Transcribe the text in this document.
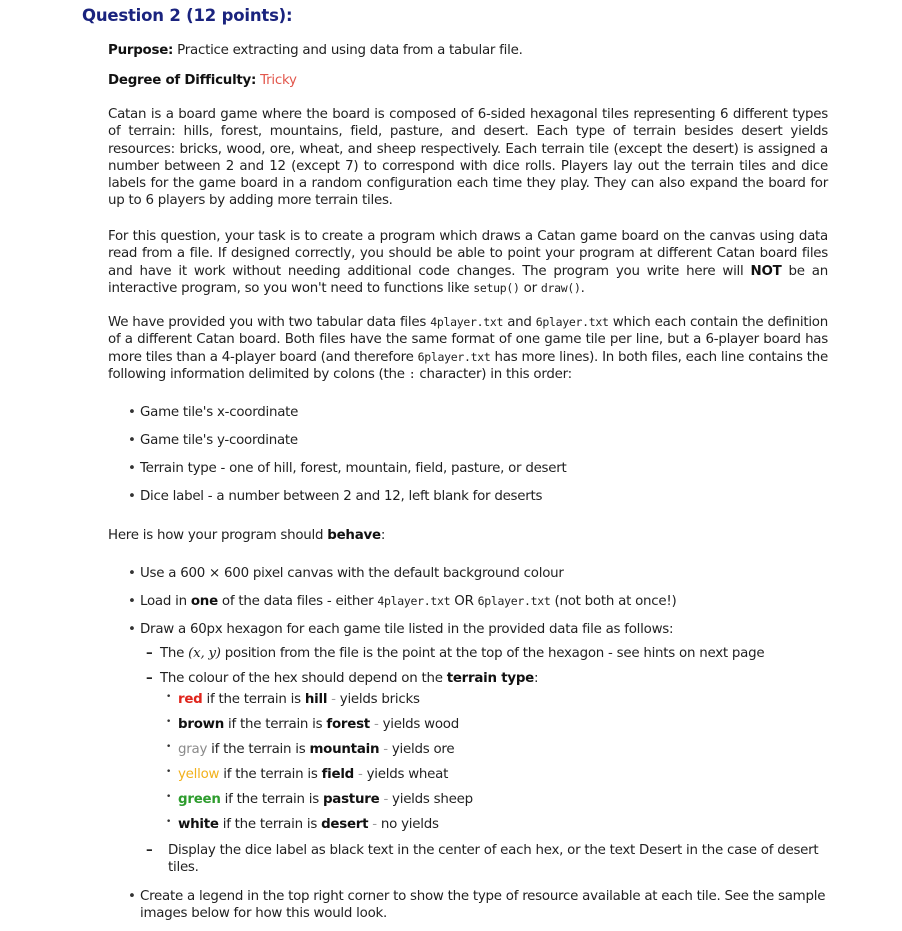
Question 2 (12 points):

Purpose: Practice extracting and using data from a tabular file.

Degree of Difficulty: Tricky

Catan is a board game where the board is composed of 6-sided hexagonal tiles representing 6 different types of terrain: hills, forest, mountains, field, pasture, and desert. Each type of terrain besides desert yields resources: bricks, wood, ore, wheat, and sheep respectively. Each terrain tile (except the desert) is assigned a number between 2 and 12 (except 7) to correspond with dice rolls. Players lay out the terrain tiles and dice labels for the game board in a random configuration each time they play. They can also expand the board for up to 6 players by adding more terrain tiles.

For this question, your task is to create a program which draws a Catan game board on the canvas using data read from a file. If designed correctly, you should be able to point your program at different Catan board files and have it work without needing additional code changes. The program you write here will NOT be an interactive program, so you won't need to functions like setup() or draw().

We have provided you with two tabular data files 4player.txt and 6player.txt which each contain the definition of a different Catan board. Both files have the same format of one game tile per line, but a 6-player board has more tiles than a 4-player board (and therefore 6player.txt has more lines). In both files, each line contains the following information delimited by colons (the : character) in this order:

• Game tile's x-coordinate
• Game tile's y-coordinate
• Terrain type - one of hill, forest, mountain, field, pasture, or desert
• Dice label - a number between 2 and 12, left blank for deserts

Here is how your program should behave:

• Use a 600 × 600 pixel canvas with the default background colour
• Load in one of the data files - either 4player.txt OR 6player.txt (not both at once!)
• Draw a 60px hexagon for each game tile listed in the provided data file as follows:
– The (x, y) position from the file is the point at the top of the hexagon - see hints on next page
– The colour of the hex should depend on the terrain type:
• red if the terrain is hill - yields bricks
• brown if the terrain is forest - yields wood
• gray if the terrain is mountain - yields ore
• yellow if the terrain is field - yields wheat
• green if the terrain is pasture - yields sheep
• white if the terrain is desert - no yields
–	Display the dice label as black text in the center of each hex, or the text Desert in the case of desert tiles.
• Create a legend in the top right corner to show the type of resource available at each tile. See the sample images below for how this would look.
